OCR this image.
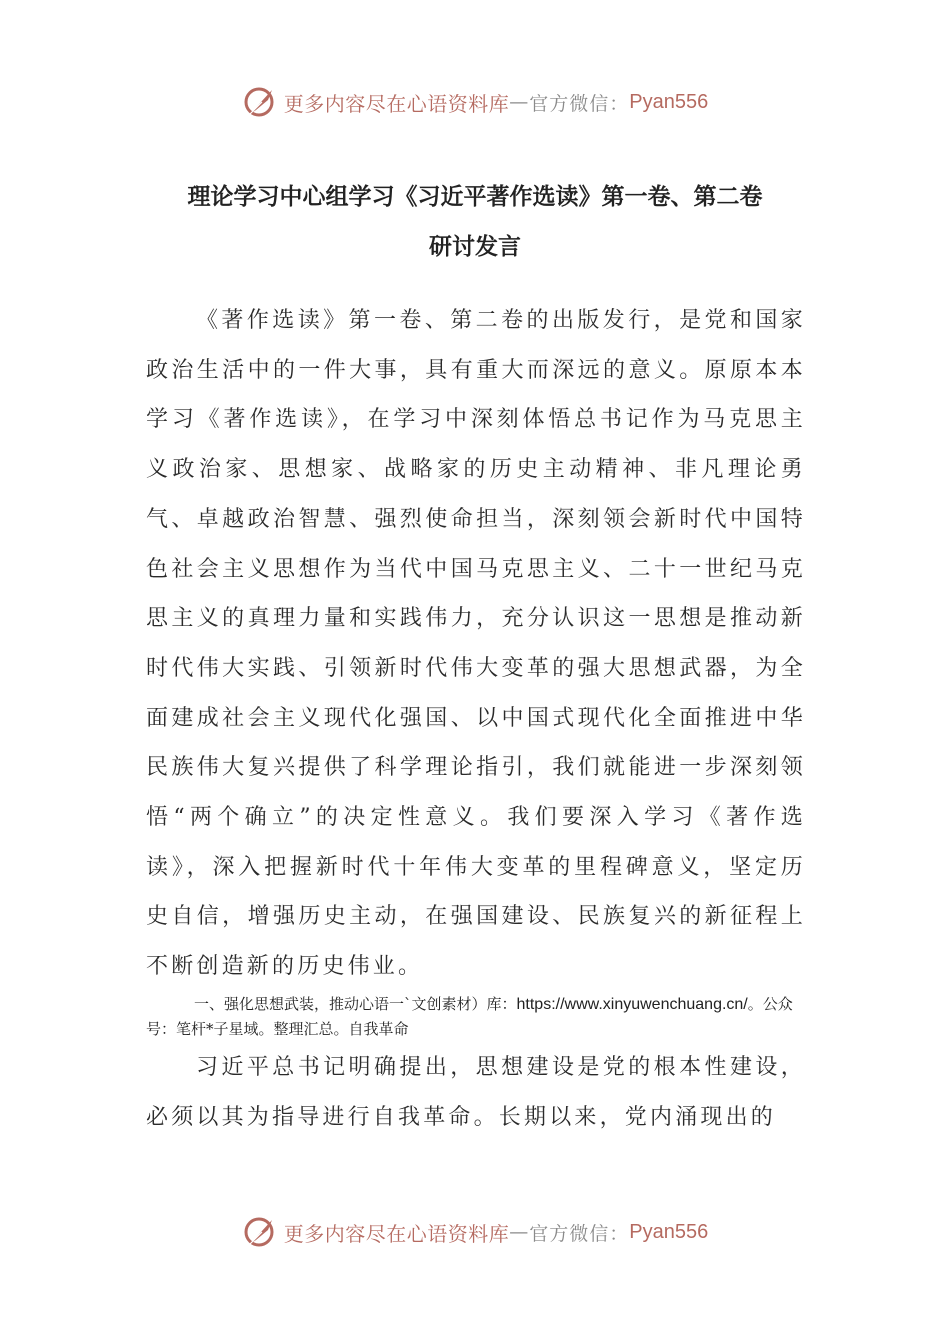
更多内容尽在心语资料库 — 官方微信： Pyan556
理论学习中心组学习《习近平著作选读》第一卷、第二卷
研讨发言

《著作选读》第一卷、第二卷的出版发行，是党和国家政治生活中的一件大事，具有重大而深远的意义。原原本本学习《著作选读》，在学习中深刻体悟总书记作为马克思主义政治家、思想家、战略家的历史主动精神、非凡理论勇气、卓越政治智慧、强烈使命担当，深刻领会新时代中国特色社会主义思想作为当代中国马克思主义、二十一世纪马克思主义的真理力量和实践伟力，充分认识这一思想是推动新时代伟大实践、引领新时代伟大变革的强大思想武器，为全面建成社会主义现代化强国、以中国式现代化全面推进中华民族伟大复兴提供了科学理论指引，我们就能进一步深刻领悟“两个确立”的决定性意义。我们要深入学习《著作选读》，深入把握新时代十年伟大变革的里程碑意义，坚定历史自信，增强历史主动，在强国建设、民族复兴的新征程上不断创造新的历史伟业。

一、强化思想武装，推动心语一`文创素材）库：https://www.xinyuwenchuang.cn/。公众号：笔杆*子星域。整理汇总。自我革命

习近平总书记明确提出，思想建设是党的根本性建设，必须以其为指导进行自我革命。长期以来，党内涌现出的

更多内容尽在心语资料库 — 官方微信： Pyan556
